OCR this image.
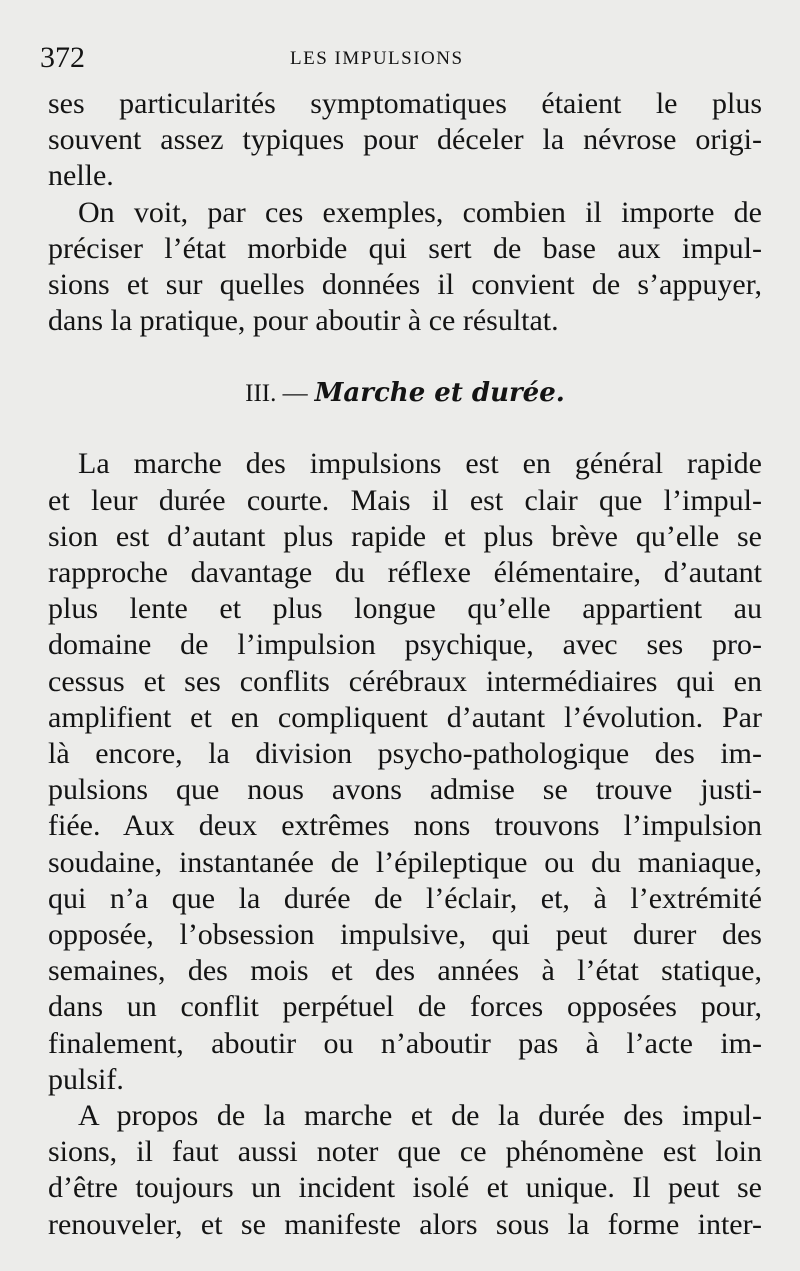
372	LES IMPULSIONS

ses particularités symptomatiques étaient le plus
souvent assez typiques pour déceler la névrose origi-
nelle.

On voit, par ces exemples, combien il importe de
préciser l’état morbide qui sert de base aux impul-
sions et sur quelles données il convient de s’appuyer,
dans la pratique, pour aboutir à ce résultat.

III. — Marche et durée.

La marche des impulsions est en général rapide
et leur durée courte. Mais il est clair que l’impul-
sion est d’autant plus rapide et plus brève qu’elle se
rapproche davantage du réflexe élémentaire, d’autant
plus lente et plus longue qu’elle appartient au
domaine de l’impulsion psychique, avec ses pro-
cessus et ses conflits cérébraux intermédiaires qui en
amplifient et en compliquent d’autant l’évolution. Par
là encore, la division psycho-pathologique des im-
pulsions que nous avons admise se trouve justi-
fiée. Aux deux extrêmes nons trouvons l’impulsion
soudaine, instantanée de l’épileptique ou du maniaque,
qui n’a que la durée de l’éclair, et, à l’extrémité
opposée, l’obsession impulsive, qui peut durer des
semaines, des mois et des années à l’état statique,
dans un conflit perpétuel de forces opposées pour,
finalement, aboutir ou n’aboutir pas à l’acte im-
pulsif.

A propos de la marche et de la durée des impul-
sions, il faut aussi noter que ce phénomène est loin
d’être toujours un incident isolé et unique. Il peut se
renouveler, et se manifeste alors sous la forme inter-
